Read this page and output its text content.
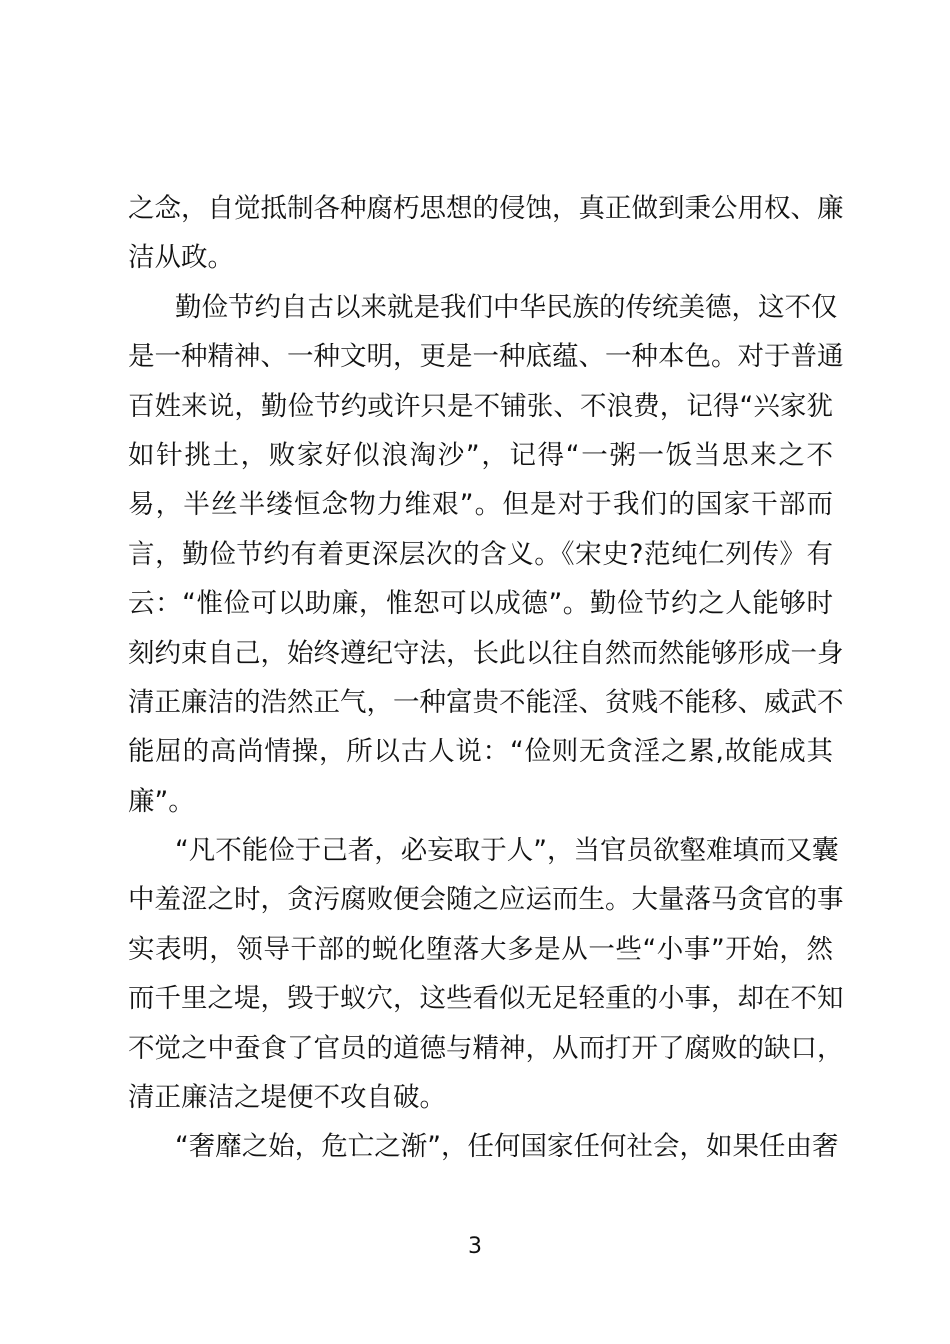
之念，自觉抵制各种腐朽思想的侵蚀，真正做到秉公用权、廉
洁从政。
勤俭节约自古以来就是我们中华民族的传统美德，这不仅
是一种精神、一种文明，更是一种底蕴、一种本色。对于普通
百姓来说，勤俭节约或许只是不铺张、不浪费，记得“兴家犹
如针挑土，败家好似浪淘沙”，记得“一粥一饭当思来之不
易，半丝半缕恒念物力维艰”。但是对于我们的国家干部而
言，勤俭节约有着更深层次的含义。《宋史?范纯仁列传》有
云：“惟俭可以助廉，惟恕可以成德”。勤俭节约之人能够时
刻约束自己，始终遵纪守法，长此以往自然而然能够形成一身
清正廉洁的浩然正气，一种富贵不能淫、贫贱不能移、威武不
能屈的高尚情操，所以古人说：“俭则无贪淫之累,故能成其
廉”。
“凡不能俭于己者，必妄取于人”，当官员欲壑难填而又囊
中羞涩之时，贪污腐败便会随之应运而生。大量落马贪官的事
实表明，领导干部的蜕化堕落大多是从一些“小事”开始，然
而千里之堤，毁于蚁穴，这些看似无足轻重的小事，却在不知
不觉之中蚕食了官员的道德与精神，从而打开了腐败的缺口，
清正廉洁之堤便不攻自破。
“奢靡之始，危亡之渐”，任何国家任何社会，如果任由奢
3
